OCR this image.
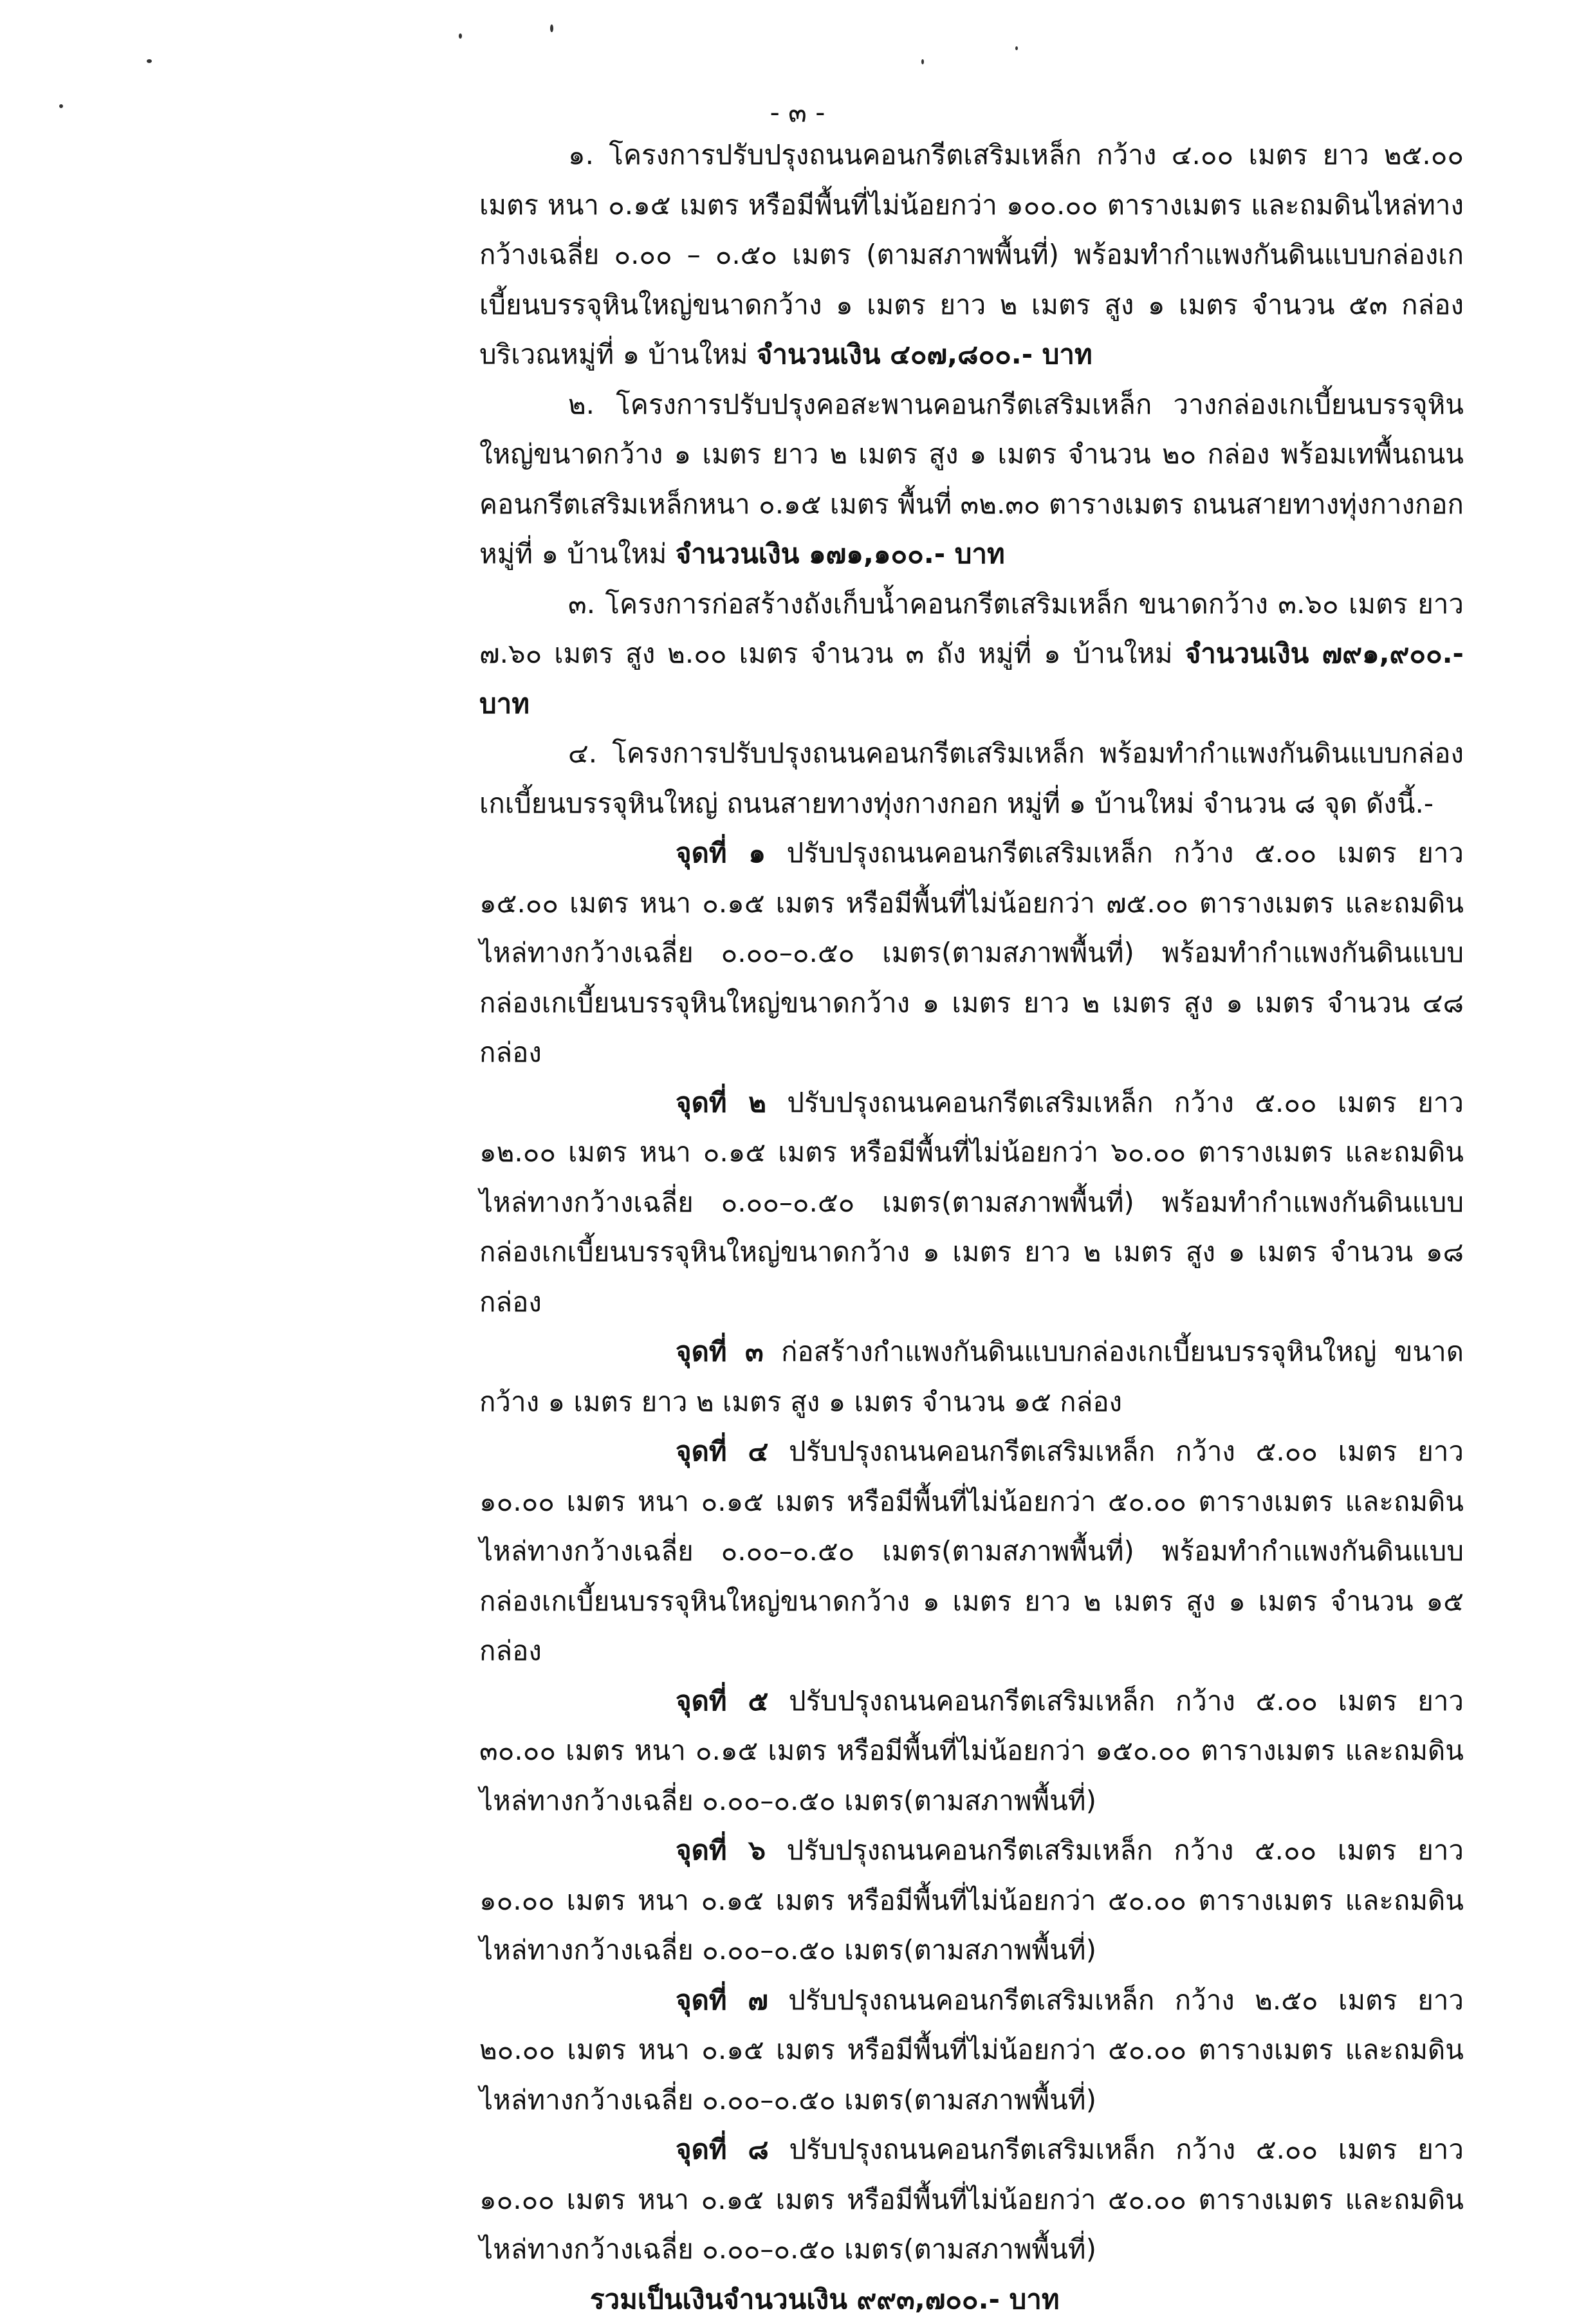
- ๓ -

๑. โครงการปรับปรุงถนนคอนกรีตเสริมเหล็ก กว้าง ๔.๐๐ เมตร ยาว ๒๕.๐๐ เมตร หนา ๐.๑๕ เมตร หรือมีพื้นที่ไม่น้อยกว่า ๑๐๐.๐๐ ตารางเมตร และถมดินไหล่ทางกว้างเฉลี่ย ๐.๐๐ – ๐.๕๐ เมตร (ตามสภาพพื้นที่) พร้อมทำกำแพงกันดินแบบกล่องเกเบี้ยนบรรจุหินใหญ่ขนาดกว้าง ๑ เมตร ยาว ๒ เมตร สูง ๑ เมตร จำนวน ๕๓ กล่อง บริเวณหมู่ที่ ๑ บ้านใหม่ จำนวนเงิน ๔๐๗,๘๐๐.- บาท

๒. โครงการปรับปรุงคอสะพานคอนกรีตเสริมเหล็ก วางกล่องเกเบี้ยนบรรจุหินใหญ่ขนาดกว้าง ๑ เมตร ยาว ๒ เมตร สูง ๑ เมตร จำนวน ๒๐ กล่อง พร้อมเทพื้นถนนคอนกรีตเสริมเหล็กหนา ๐.๑๕ เมตร พื้นที่ ๓๒.๓๐ ตารางเมตร ถนนสายทางทุ่งกางกอก หมู่ที่ ๑ บ้านใหม่ จำนวนเงิน ๑๗๑,๑๐๐.- บาท

๓. โครงการก่อสร้างถังเก็บน้ำคอนกรีตเสริมเหล็ก ขนาดกว้าง ๓.๖๐ เมตร ยาว ๗.๖๐ เมตร สูง ๒.๐๐ เมตร จำนวน ๓ ถัง หมู่ที่ ๑ บ้านใหม่ จำนวนเงิน ๗๙๑,๙๐๐.- บาท

๔. โครงการปรับปรุงถนนคอนกรีตเสริมเหล็ก พร้อมทำกำแพงกันดินแบบกล่องเกเบี้ยนบรรจุหินใหญ่ ถนนสายทางทุ่งกางกอก หมู่ที่ ๑ บ้านใหม่ จำนวน ๘ จุด ดังนี้.-

จุดที่ ๑ ปรับปรุงถนนคอนกรีตเสริมเหล็ก กว้าง ๕.๐๐ เมตร ยาว ๑๕.๐๐ เมตร หนา ๐.๑๕ เมตร หรือมีพื้นที่ไม่น้อยกว่า ๗๕.๐๐ ตารางเมตร และถมดินไหล่ทางกว้างเฉลี่ย ๐.๐๐–๐.๕๐ เมตร(ตามสภาพพื้นที่) พร้อมทำกำแพงกันดินแบบกล่องเกเบี้ยนบรรจุหินใหญ่ขนาดกว้าง ๑ เมตร ยาว ๒ เมตร สูง ๑ เมตร จำนวน ๔๘ กล่อง

จุดที่ ๒ ปรับปรุงถนนคอนกรีตเสริมเหล็ก กว้าง ๕.๐๐ เมตร ยาว ๑๒.๐๐ เมตร หนา ๐.๑๕ เมตร หรือมีพื้นที่ไม่น้อยกว่า ๖๐.๐๐ ตารางเมตร และถมดินไหล่ทางกว้างเฉลี่ย ๐.๐๐–๐.๕๐ เมตร(ตามสภาพพื้นที่) พร้อมทำกำแพงกันดินแบบกล่องเกเบี้ยนบรรจุหินใหญ่ขนาดกว้าง ๑ เมตร ยาว ๒ เมตร สูง ๑ เมตร จำนวน ๑๘ กล่อง

จุดที่ ๓ ก่อสร้างกำแพงกันดินแบบกล่องเกเบี้ยนบรรจุหินใหญ่ ขนาดกว้าง ๑ เมตร ยาว ๒ เมตร สูง ๑ เมตร จำนวน ๑๕ กล่อง

จุดที่ ๔ ปรับปรุงถนนคอนกรีตเสริมเหล็ก กว้าง ๕.๐๐ เมตร ยาว ๑๐.๐๐ เมตร หนา ๐.๑๕ เมตร หรือมีพื้นที่ไม่น้อยกว่า ๕๐.๐๐ ตารางเมตร และถมดินไหล่ทางกว้างเฉลี่ย ๐.๐๐–๐.๕๐ เมตร(ตามสภาพพื้นที่) พร้อมทำกำแพงกันดินแบบกล่องเกเบี้ยนบรรจุหินใหญ่ขนาดกว้าง ๑ เมตร ยาว ๒ เมตร สูง ๑ เมตร จำนวน ๑๕ กล่อง

จุดที่ ๕ ปรับปรุงถนนคอนกรีตเสริมเหล็ก กว้าง ๕.๐๐ เมตร ยาว ๓๐.๐๐ เมตร หนา ๐.๑๕ เมตร หรือมีพื้นที่ไม่น้อยกว่า ๑๕๐.๐๐ ตารางเมตร และถมดินไหล่ทางกว้างเฉลี่ย ๐.๐๐–๐.๕๐ เมตร(ตามสภาพพื้นที่)

จุดที่ ๖ ปรับปรุงถนนคอนกรีตเสริมเหล็ก กว้าง ๕.๐๐ เมตร ยาว ๑๐.๐๐ เมตร หนา ๐.๑๕ เมตร หรือมีพื้นที่ไม่น้อยกว่า ๕๐.๐๐ ตารางเมตร และถมดินไหล่ทางกว้างเฉลี่ย ๐.๐๐–๐.๕๐ เมตร(ตามสภาพพื้นที่)

จุดที่ ๗ ปรับปรุงถนนคอนกรีตเสริมเหล็ก กว้าง ๒.๕๐ เมตร ยาว ๒๐.๐๐ เมตร หนา ๐.๑๕ เมตร หรือมีพื้นที่ไม่น้อยกว่า ๕๐.๐๐ ตารางเมตร และถมดินไหล่ทางกว้างเฉลี่ย ๐.๐๐–๐.๕๐ เมตร(ตามสภาพพื้นที่)

จุดที่ ๘ ปรับปรุงถนนคอนกรีตเสริมเหล็ก กว้าง ๕.๐๐ เมตร ยาว ๑๐.๐๐ เมตร หนา ๐.๑๕ เมตร หรือมีพื้นที่ไม่น้อยกว่า ๕๐.๐๐ ตารางเมตร และถมดินไหล่ทางกว้างเฉลี่ย ๐.๐๐–๐.๕๐ เมตร(ตามสภาพพื้นที่)

รวมเป็นเงินจำนวนเงิน ๙๙๓,๗๐๐.- บาท
